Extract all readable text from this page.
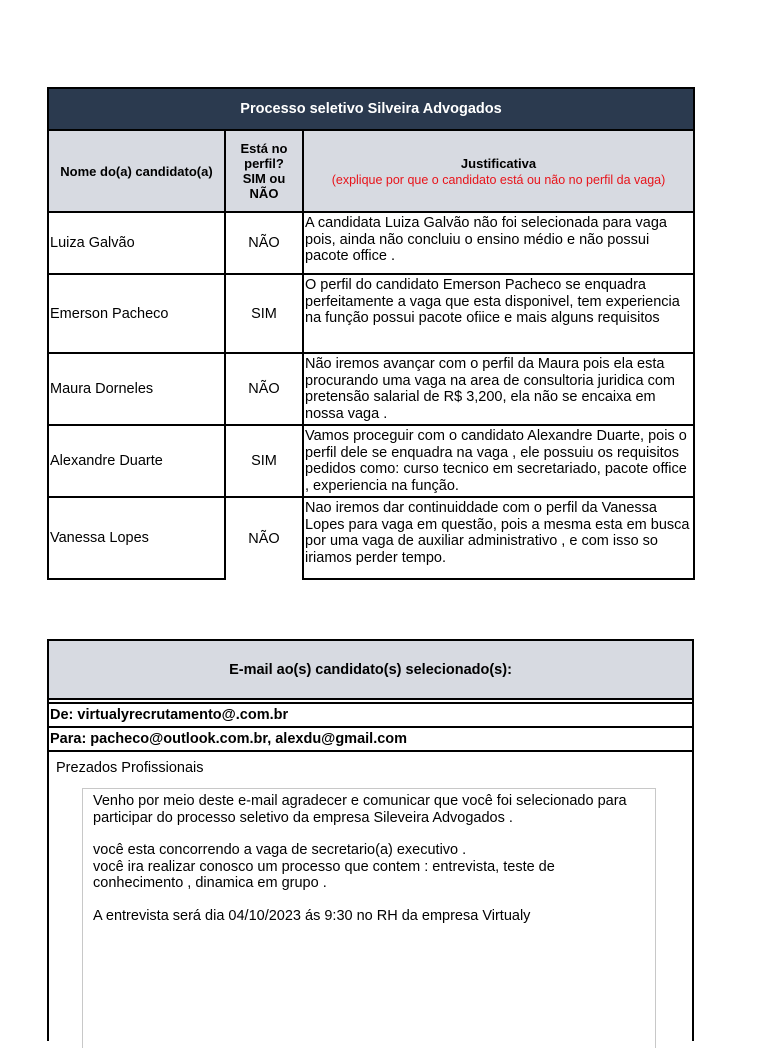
Processo seletivo Silveira Advogados		
Nome do(a) candidato(a)	Está no perfil? SIM ou NÃO	Justificativa
(explique por que o candidato está ou não no perfil da vaga)

Luiza Galvão	NÃO	A candidata Luiza Galvão não foi selecionada para vaga pois, ainda não concluiu o ensino médio e não possui pacote office .
Emerson Pacheco	SIM	O perfil do candidato Emerson Pacheco se enquadra perfeitamente a vaga que esta disponivel, tem experiencia na função possui pacote ofiice e mais alguns requisitos
Maura Dorneles	NÃO	Não iremos avançar com o perfil da Maura pois ela esta procurando uma vaga na area de consultoria juridica com pretensão salarial de R$ 3,200, ela não se encaixa em nossa vaga .
Alexandre Duarte	SIM	Vamos proceguir com o candidato Alexandre Duarte, pois o perfil dele se enquadra na vaga , ele possuiu os requisitos pedidos como: curso tecnico em secretariado, pacote office , experiencia na função.
Vanessa Lopes	NÃO	Nao iremos dar continuiddade com o perfil da Vanessa Lopes para vaga em questão, pois a mesma esta em busca por uma vaga de auxiliar administrativo , e com isso so iriamos perder tempo.
E-mail ao(s) candidato(s) selecionado(s):
De: virtualyrecrutamento@.com.br
Para: pacheco@outlook.com.br, alexdu@gmail.com
Prezados Profissionais

Venho por meio deste e-mail agradecer e comunicar que você foi selecionado para participar do processo seletivo da empresa Sileveira Advogados .

você esta concorrendo a vaga de secretario(a) executivo .
você ira realizar conosco um processo que contem : entrevista, teste de conhecimento , dinamica em grupo .

A entrevista será dia 04/10/2023 ás 9:30 no RH da empresa Virtualy
